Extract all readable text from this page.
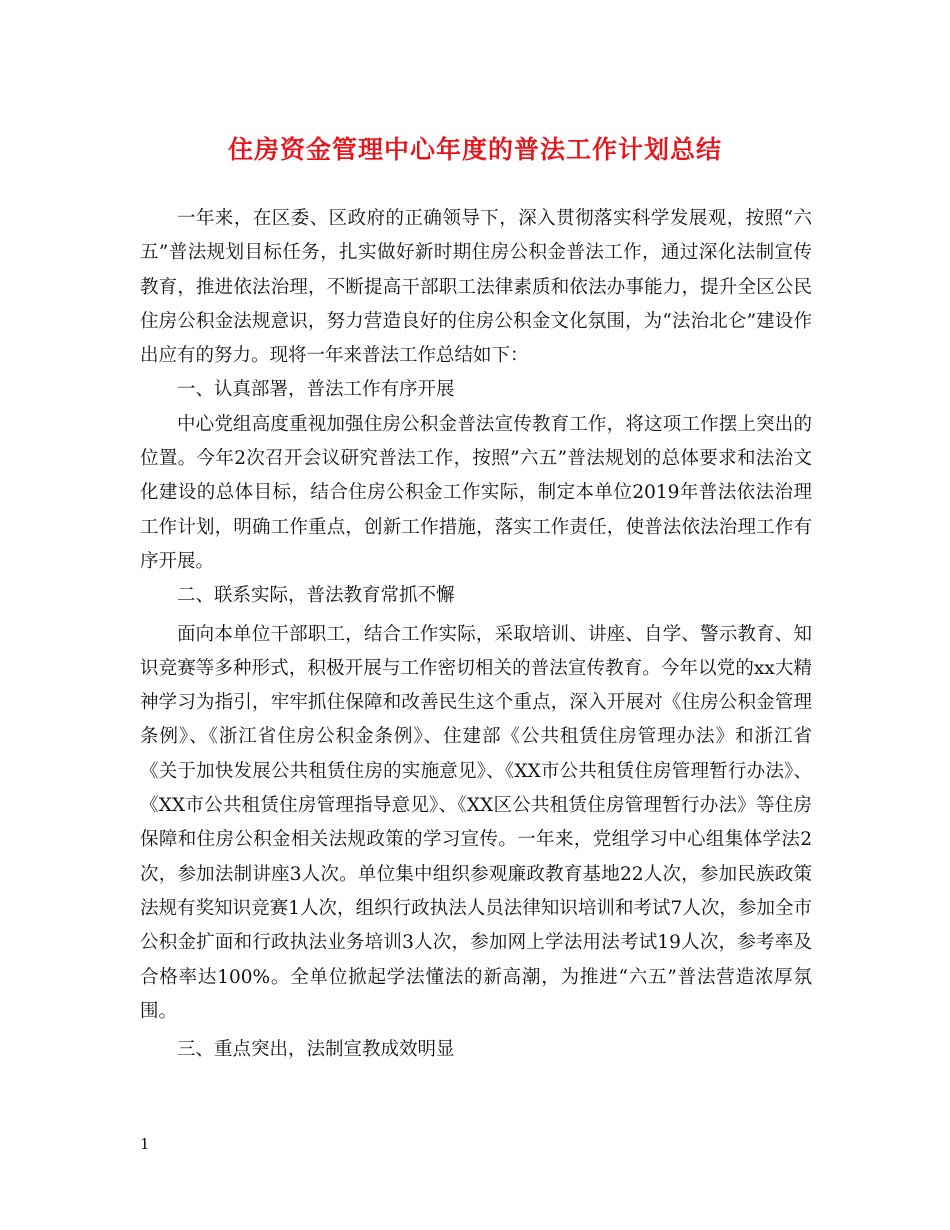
住房资金管理中心年度的普法工作计划总结

一年来，在区委、区政府的正确领导下，深入贯彻落实科学发展观，按照“六五”普法规划目标任务，扎实做好新时期住房公积金普法工作，通过深化法制宣传教育，推进依法治理，不断提高干部职工法律素质和依法办事能力，提升全区公民住房公积金法规意识，努力营造良好的住房公积金文化氛围，为“法治北仑”建设作出应有的努力。现将一年来普法工作总结如下：

一、认真部署，普法工作有序开展

中心党组高度重视加强住房公积金普法宣传教育工作，将这项工作摆上突出的位置。今年2次召开会议研究普法工作，按照”六五”普法规划的总体要求和法治文化建设的总体目标，结合住房公积金工作实际，制定本单位2019年普法依法治理工作计划，明确工作重点，创新工作措施，落实工作责任，使普法依法治理工作有序开展。

二、联系实际，普法教育常抓不懈

面向本单位干部职工，结合工作实际，采取培训、讲座、自学、警示教育、知识竞赛等多种形式，积极开展与工作密切相关的普法宣传教育。今年以党的xx大精神学习为指引，牢牢抓住保障和改善民生这个重点，深入开展对《住房公积金管理条例》、《浙江省住房公积金条例》、住建部《公共租赁住房管理办法》和浙江省《关于加快发展公共租赁住房的实施意见》、《XX市公共租赁住房管理暂行办法》、《XX市公共租赁住房管理指导意见》、《XX区公共租赁住房管理暂行办法》等住房保障和住房公积金相关法规政策的学习宣传。一年来，党组学习中心组集体学法2次，参加法制讲座3人次。单位集中组织参观廉政教育基地22人次，参加民族政策法规有奖知识竞赛1人次，组织行政执法人员法律知识培训和考试7人次，参加全市公积金扩面和行政执法业务培训3人次，参加网上学法用法考试19人次，参考率及合格率达100%。全单位掀起学法懂法的新高潮，为推进“六五”普法营造浓厚氛围。

三、重点突出，法制宣教成效明显

1
